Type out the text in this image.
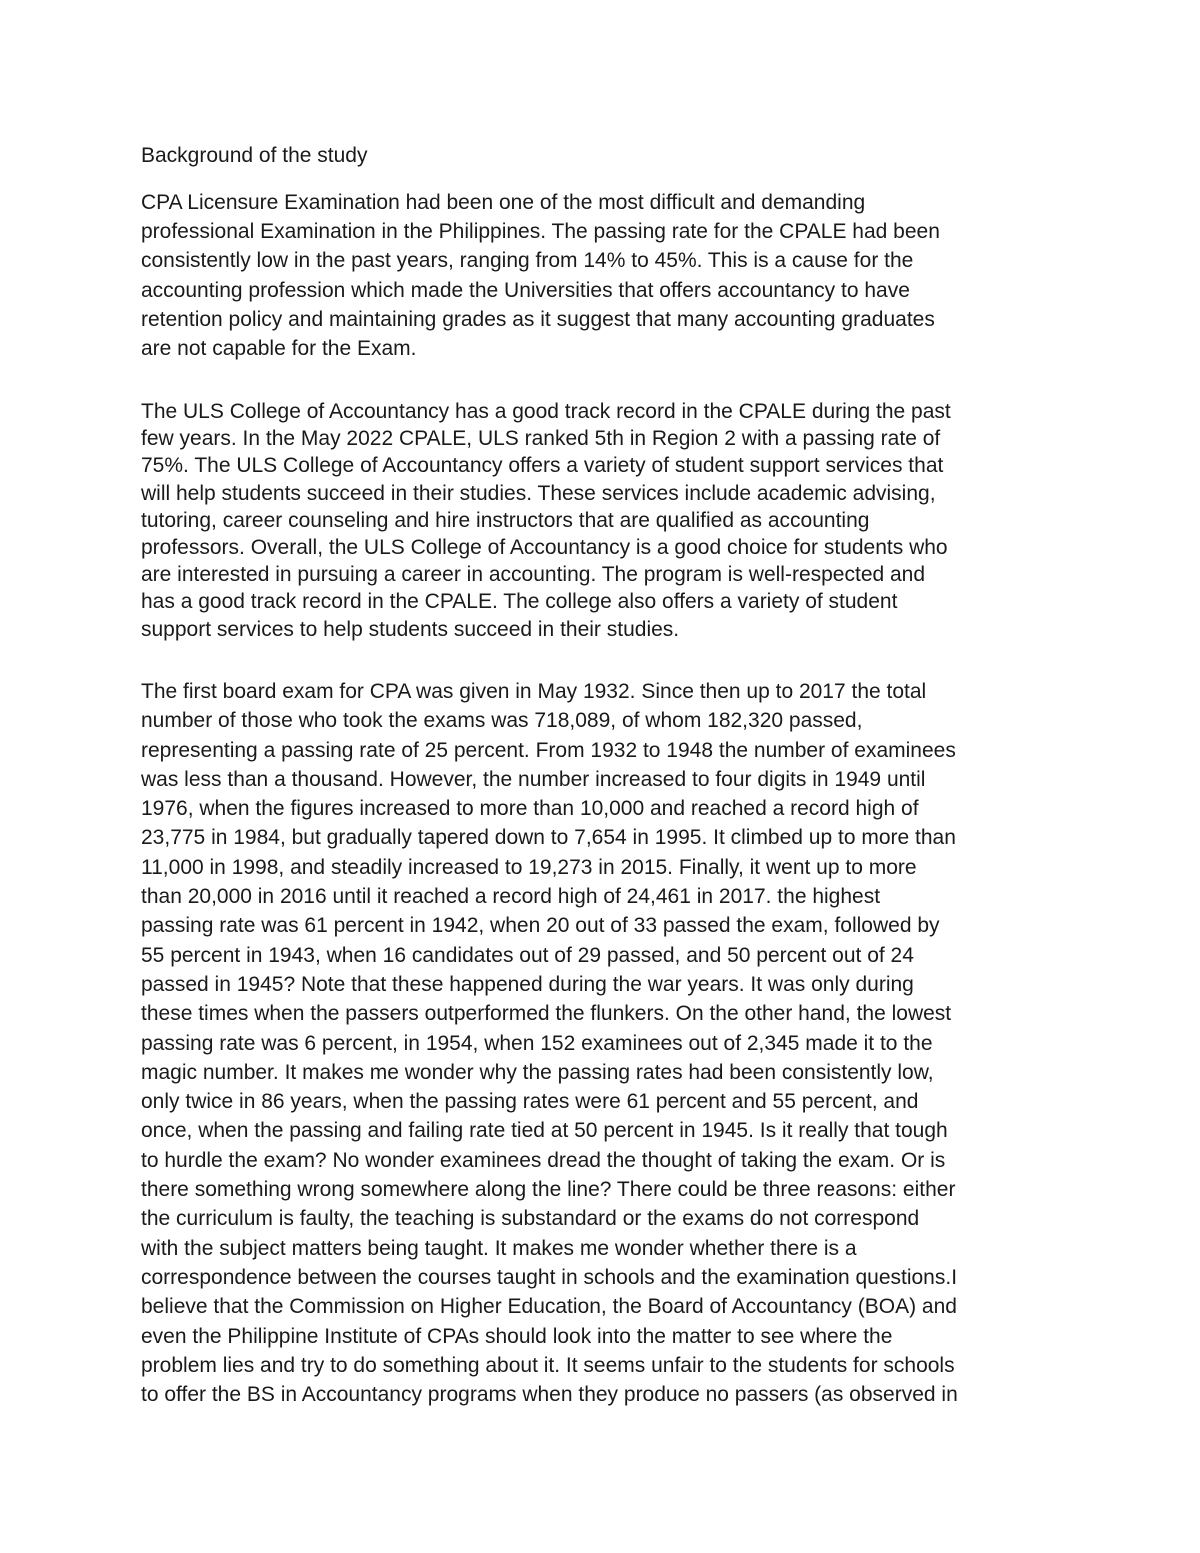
Background of the study
CPA Licensure Examination had been one of the most difficult and demanding
professional Examination in the Philippines. The passing rate for the CPALE had been
consistently low in the past years, ranging from 14% to 45%. This is a cause for the
accounting profession which made the Universities that offers accountancy to have
retention policy and maintaining grades as it suggest that many accounting graduates
are not capable for the Exam.
The ULS College of Accountancy has a good track record in the CPALE during the past
few years. In the May 2022 CPALE, ULS ranked 5th in Region 2 with a passing rate of
75%. The ULS College of Accountancy offers a variety of student support services that
will help students succeed in their studies. These services include academic advising,
tutoring, career counseling and hire instructors that are qualified as accounting
professors. Overall, the ULS College of Accountancy is a good choice for students who
are interested in pursuing a career in accounting. The program is well-respected and
has a good track record in the CPALE. The college also offers a variety of student
support services to help students succeed in their studies.
The first board exam for CPA was given in May 1932. Since then up to 2017 the total
number of those who took the exams was 718,089, of whom 182,320 passed,
representing a passing rate of 25 percent. From 1932 to 1948 the number of examinees
was less than a thousand. However, the number increased to four digits in 1949 until
1976, when the figures increased to more than 10,000 and reached a record high of
23,775 in 1984, but gradually tapered down to 7,654 in 1995. It climbed up to more than
11,000 in 1998, and steadily increased to 19,273 in 2015. Finally, it went up to more
than 20,000 in 2016 until it reached a record high of 24,461 in 2017. the highest
passing rate was 61 percent in 1942, when 20 out of 33 passed the exam, followed by
55 percent in 1943, when 16 candidates out of 29 passed, and 50 percent out of 24
passed in 1945? Note that these happened during the war years. It was only during
these times when the passers outperformed the flunkers. On the other hand, the lowest
passing rate was 6 percent, in 1954, when 152 examinees out of 2,345 made it to the
magic number. It makes me wonder why the passing rates had been consistently low,
only twice in 86 years, when the passing rates were 61 percent and 55 percent, and
once, when the passing and failing rate tied at 50 percent in 1945. Is it really that tough
to hurdle the exam? No wonder examinees dread the thought of taking the exam. Or is
there something wrong somewhere along the line? There could be three reasons: either
the curriculum is faulty, the teaching is substandard or the exams do not correspond
with the subject matters being taught. It makes me wonder whether there is a
correspondence between the courses taught in schools and the examination questions.I
believe that the Commission on Higher Education, the Board of Accountancy (BOA) and
even the Philippine Institute of CPAs should look into the matter to see where the
problem lies and try to do something about it. It seems unfair to the students for schools
to offer the BS in Accountancy programs when they produce no passers (as observed in
